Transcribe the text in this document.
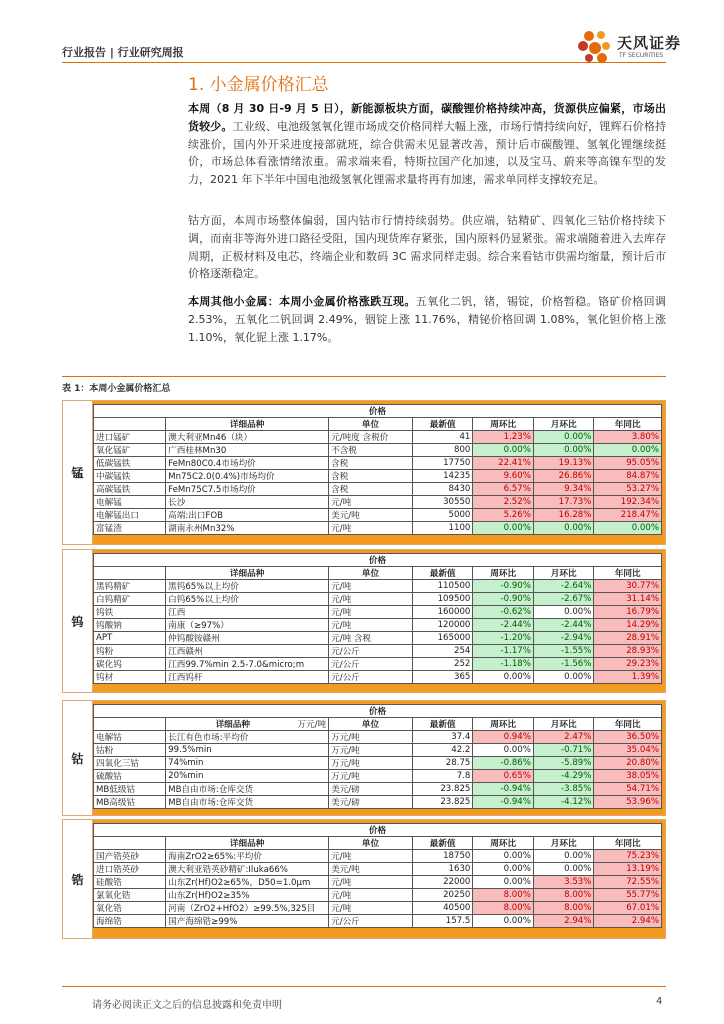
行业报告 | 行业研究周报
天风证券
TF SECURITIES
1. 小金属价格汇总
本周（8 月 30 日-9 月 5 日），新能源板块方面，碳酸锂价格持续冲高，货源供应偏紧，市场出货较少。工业级、电池级氢氧化锂市场成交价格同样大幅上涨，市场行情持续向好，锂辉石价格持续涨价，国内外开采进度接部就班，综合供需未见显著改善，预计后市碳酸锂、氢氧化锂继续挺价，市场总体看涨情绪浓重。需求端来看，特斯拉国产化加速，以及宝马、蔚来等高镍车型的发力，2021 年下半年中国电池级氢氧化锂需求量将再有加速，需求单同样支撑较充足。
钴方面，本周市场整体偏弱，国内钴市行情持续弱势。供应端，钴精矿、四氧化三钴价格持续下调，而南非等海外进口路径受阻，国内现货库存紧张，国内原料仍显紧张。需求端随着进入去库存周期，正极材料及电芯，终端企业和数码 3C 需求同样走弱。综合来看钴市供需均缩量，预计后市价格逐渐稳定。
本周其他小金属：本周小金属价格涨跌互现。五氧化二钒，锗，锡锭，价格暂稳。铬矿价格回调 2.53%，五氧化二钒回调 2.49%，铟锭上涨 11.76%，精铋价格回调 1.08%，氧化钽价格上涨 1.10%，氧化铌上涨 1.17%。
表 1：本周小金属价格汇总
锰
价格						
	详细品种	单位	最新值	周环比	月环比	年同比
进口锰矿	澳大利亚Mn46（块）	元/吨度 含税价	41	1.23%	0.00%	3.80%
氧化锰矿	广西桂林Mn30	不含税	800	0.00%	0.00%	0.00%
低碳锰铁	FeMn80C0.4市场均价	含税	17750	22.41%	19.13%	95.05%
中碳锰铁	Mn75C2.0(0.4%)市场均价	含税	14235	9.60%	26.86%	84.87%
高碳锰铁	FeMn75C7.5市场均价	含税	8430	6.57%	9.34%	53.27%
电解锰	长沙	元/吨	30550	2.52%	17.73%	192.34%
电解锰出口	高端:出口FOB	美元/吨	5000	5.26%	16.28%	218.47%
富锰渣	湖南永州Mn32%	元/吨	1100	0.00%	0.00%	0.00%
钨
价格						
	详细品种	单位	最新值	周环比	月环比	年同比
黑钨精矿	黑钨65%以上均价	元/吨	110500	-0.90%	-2.64%	30.77%
白钨精矿	白钨65%以上均价	元/吨	109500	-0.90%	-2.67%	31.14%
钨铁	江西	元/吨	160000	-0.62%	0.00%	16.79%
钨酸钠	南康（≥97%）	元/吨	120000	-2.44%	-2.44%	14.29%
APT	仲钨酸铵赣州	元/吨 含税	165000	-1.20%	-2.94%	28.91%
钨粉	江西赣州	元/公斤	254	-1.17%	-1.55%	28.93%
碳化钨	江西99.7%min 2.5-7.0&micro;m	元/公斤	252	-1.18%	-1.56%	29.23%
钨材	江西钨杆	元/公斤	365	0.00%	0.00%	1.39%
钴
价格						
	详细品种 万元/吨	单位	最新值	周环比	月环比	年同比
电解钴	长江有色市场:平均价	万元/吨	37.4	0.94%	2.47%	36.50%
钴粉	99.5%min	万元/吨	42.2	0.00%	-0.71%	35.04%
四氧化三钴	74%min	万元/吨	28.75	-0.86%	-5.89%	20.80%
硫酸钴	20%min	万元/吨	7.8	0.65%	-4.29%	38.05%
MB低级钴	MB自由市场:仓库交货	美元/磅	23.825	-0.94%	-3.85%	54.71%
MB高级钴	MB自由市场:仓库交货	美元/磅	23.825	-0.94%	-4.12%	53.96%
锆
价格						
	详细品种	单位	最新值	周环比	月环比	年同比
国产锆英砂	海南ZrO2≥65%:平均价	元/吨	18750	0.00%	0.00%	75.23%
进口锆英砂	澳大利亚锆英砂精矿:Iluka66%	美元/吨	1630	0.00%	0.00%	13.19%
硅酸锆	山东Zr(Hf)O2≥65%，D50=1.0μm	元/吨	22000	0.00%	3.53%	72.55%
氯氧化锆	山东Zr(Hf)O2≥35%	元/吨	20250	8.00%	8.00%	55.77%
氧化锆	河南（ZrO2+HfO2）≥99.5%,325目	元/吨	40500	8.00%	8.00%	67.01%
海绵锆	国产海绵锆≥99%	元/公斤	157.5	0.00%	2.94%	2.94%
请务必阅读正文之后的信息披露和免责申明	4
